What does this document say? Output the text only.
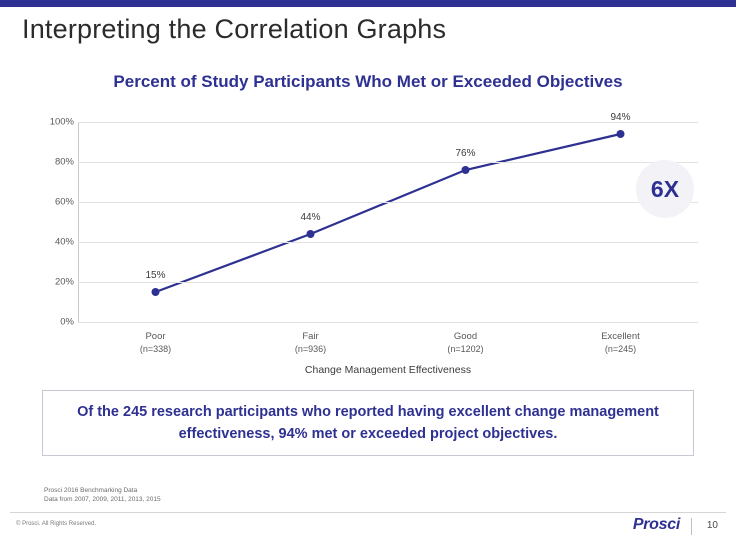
Interpreting the Correlation Graphs
Percent of Study Participants Who Met or Exceeded Objectives
0%
20%
40%
60%
80%
100%
15%
44%
76%
94%
Poor
(n=338)
Fair
(n=936)
Good
(n=1202)
Excellent
(n=245)
Change Management Effectiveness
6X

Of the 245 research participants who reported having excellent change management effectiveness, 94% met or exceeded project objectives.

Prosci 2016 Benchmarking Data
Data from 2007, 2009, 2011, 2013, 2015
© Prosci. All Rights Reserved.	Prosci	10
